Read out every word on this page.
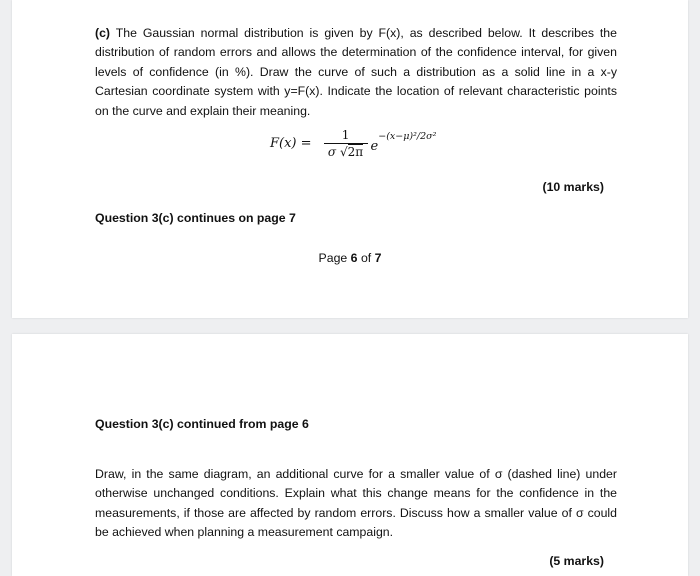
(c) The Gaussian normal distribution is given by F(x), as described below. It describes the distribution of random errors and allows the determination of the confidence interval, for given levels of confidence (in %). Draw the curve of such a distribution as a solid line in a x-y Cartesian coordinate system with y=F(x). Indicate the location of relevant characteristic points on the curve and explain their meaning.

$F(x) = \frac{1}{\sigma √2\pi}$ e
$^{-(x-\mu)^2/2\sigma^2}$
(10 marks)

Question 3(c) continues on page 7

Page 6 of 7

Question 3(c) continued from page 6

Draw, in the same diagram, an additional curve for a smaller value of σ (dashed line) under otherwise unchanged conditions. Explain what this change means for the confidence in the measurements, if those are affected by random errors. Discuss how a smaller value of σ could be achieved when planning a measurement campaign.

(5 marks)
